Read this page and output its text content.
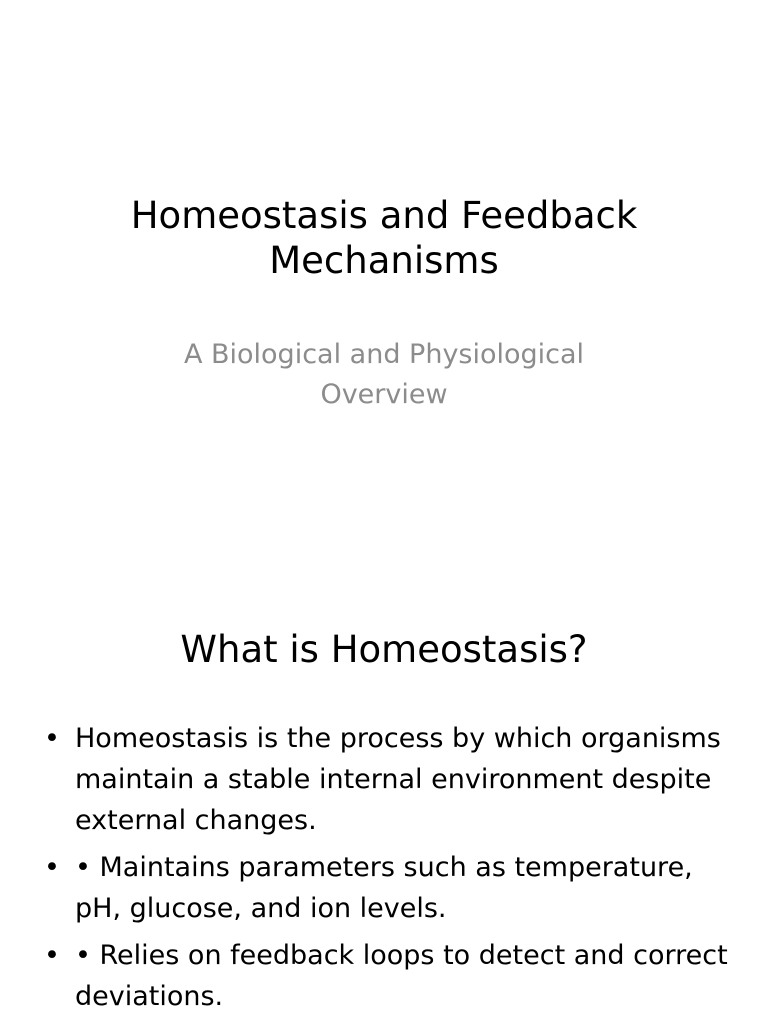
Homeostasis and Feedback Mechanisms
A Biological and Physiological Overview
What is Homeostasis?
• Homeostasis is the process by which organisms maintain a stable internal environment despite external changes.
• • Maintains parameters such as temperature, pH, glucose, and ion levels.
• • Relies on feedback loops to detect and correct deviations.
